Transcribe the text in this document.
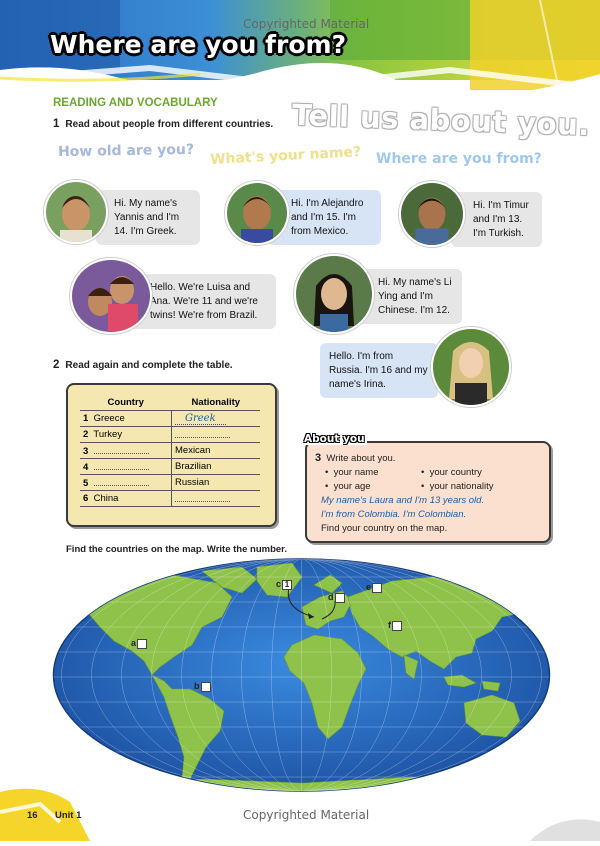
Copyrighted Material
Where are you from?
READING AND VOCABULARY
1 Read about people from different countries. Tell us about you.
How old are you? What's your name? Where are you from?
Hi. My name's Yannis and I'm 14. I'm Greek.
Hi. I'm Alejandro and I'm 15. I'm from Mexico.
Hi. I'm Timur and I'm 13. I'm Turkish.
Hello. We're Luisa and Ana. We're 11 and we're twins! We're from Brazil.
Hi. My name's Li Ying and I'm Chinese. I'm 12.
Hello. I'm from Russia. I'm 16 and my name's Irina.
2 Read again and complete the table.
Country	Nationality
1 Greece	Greek
2 Turkey	
3	Mexican
4	Brazilian
5	Russian
6 China	
3 Write about you.
•  your name	•  your country
•  your age	•  your nationality
My name's Laura and I'm 13 years old.
I'm from Colombia. I'm Colombian.
Find your country on the map.
About you
Find the countries on the map. Write the number.
a
b
c 1
d
e
f
16 Unit 1	Copyrighted Material
